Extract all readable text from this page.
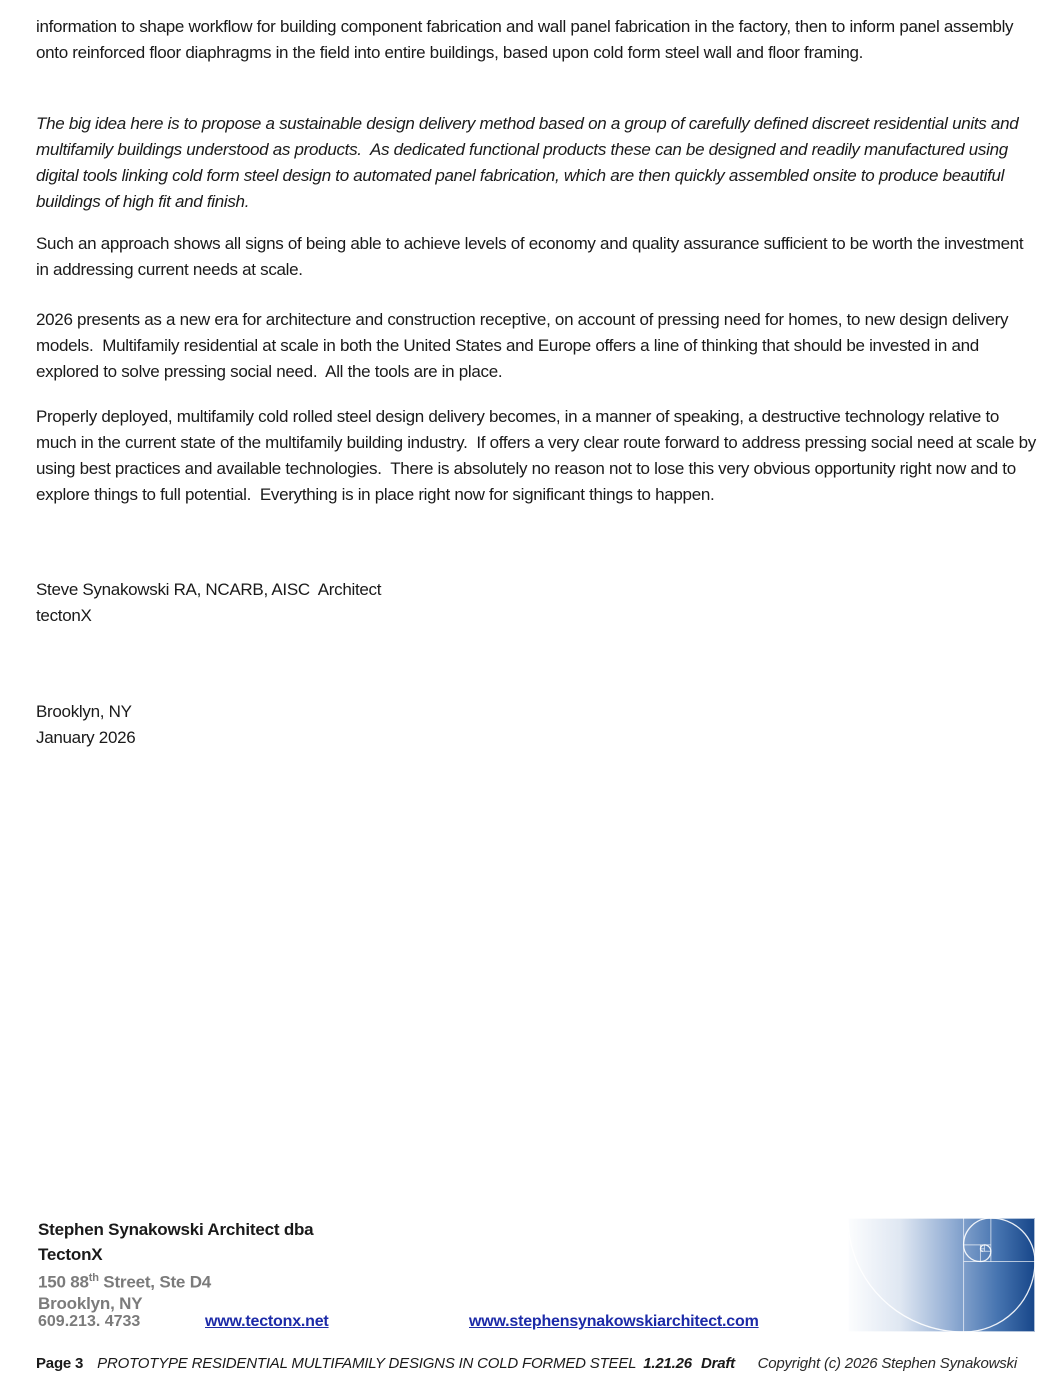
information to shape workflow for building component fabrication and wall panel fabrication in the factory, then to inform panel assembly onto reinforced floor diaphragms in the field into entire buildings, based upon cold form steel wall and floor framing.
The big idea here is to propose a sustainable design delivery method based on a group of carefully defined discreet residential units and multifamily buildings understood as products.  As dedicated functional products these can be designed and readily manufactured using digital tools linking cold form steel design to automated panel fabrication, which are then quickly assembled onsite to produce beautiful buildings of high fit and finish.
Such an approach shows all signs of being able to achieve levels of economy and quality assurance sufficient to be worth the investment in addressing current needs at scale.
2026 presents as a new era for architecture and construction receptive, on account of pressing need for homes, to new design delivery models.  Multifamily residential at scale in both the United States and Europe offers a line of thinking that should be invested in and explored to solve pressing social need.  All the tools are in place.
Properly deployed, multifamily cold rolled steel design delivery becomes, in a manner of speaking, a destructive technology relative to much in the current state of the multifamily building industry.  If offers a very clear route forward to address pressing social need at scale by using best practices and available technologies.  There is absolutely no reason not to lose this very obvious opportunity right now and to explore things to full potential.  Everything is in place right now for significant things to happen.
Steve Synakowski RA, NCARB, AISC  Architect
tectonX
Brooklyn, NY
January 2026
Stephen Synakowski Architect dba
TectonX
150 88th Street, Ste D4
Brooklyn, NY
609.213. 4733	www.tectonx.net	www.stephensynakowskiarchitect.com
Page 3 PROTOTYPE RESIDENTIAL MULTIFAMILY DESIGNS IN COLD FORMED STEEL 1.21.26 Draft Copyright (c) 2026 Stephen Synakowski
